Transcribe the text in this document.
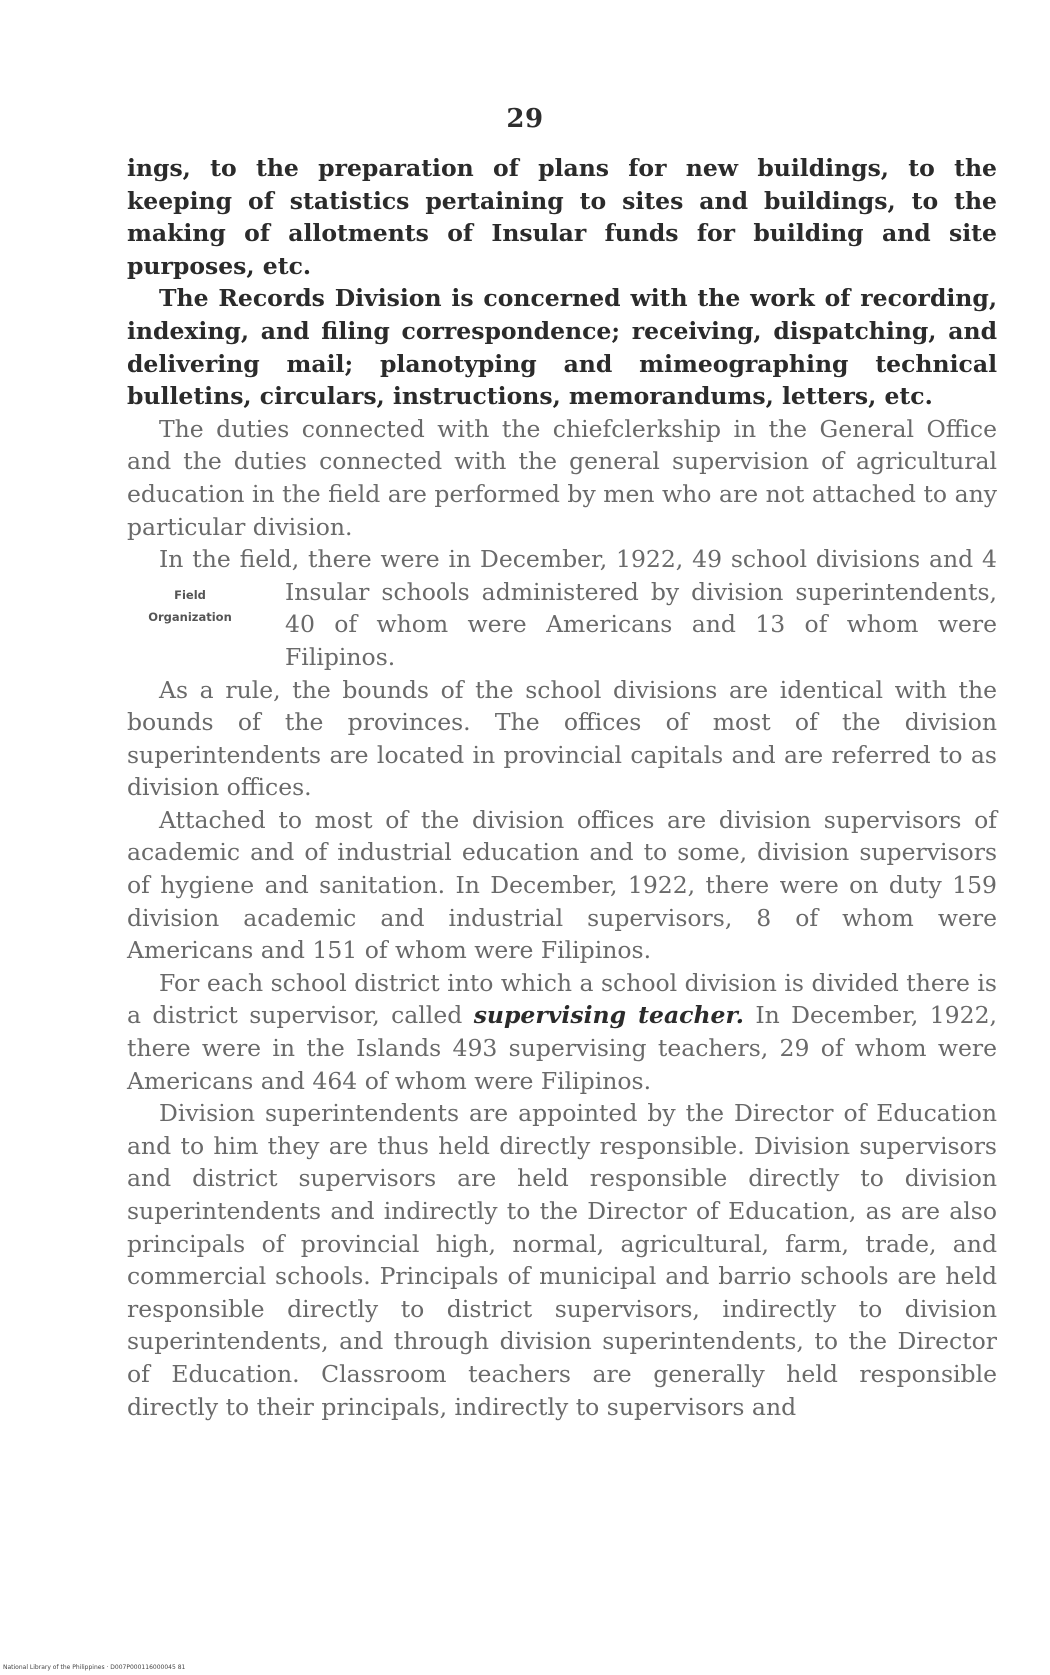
29

ings, to the preparation of plans for new buildings, to the keeping of statistics pertaining to sites and buildings, to the making of allotments of Insular funds for building and site purposes, etc.

The Records Division is concerned with the work of recording, indexing, and filing correspondence; receiving, dispatching, and delivering mail; planotyping and mimeographing technical bulletins, circulars, instructions, memorandums, letters, etc.

The duties connected with the chiefclerkship in the General Office and the duties connected with the general supervision of agricultural education in the field are performed by men who are not attached to any particular division.

In the field, there were in December, 1922, 49 school divisions
Field
Organization
and 4 Insular schools administered by division superintendents, 40 of whom were Americans and 13 of whom were Filipinos.

As a rule, the bounds of the school divisions are identical with the bounds of the provinces. The offices of most of the division superintendents are located in provincial capitals and are referred to as division offices.

Attached to most of the division offices are division supervisors of academic and of industrial education and to some, division supervisors of hygiene and sanitation. In December, 1922, there were on duty 159 division academic and industrial supervisors, 8 of whom were Americans and 151 of whom were Filipinos.

For each school district into which a school division is divided there is a district supervisor, called supervising teacher. In December, 1922, there were in the Islands 493 supervising teachers, 29 of whom were Americans and 464 of whom were Filipinos.

Division superintendents are appointed by the Director of Education and to him they are thus held directly responsible. Division supervisors and district supervisors are held responsible directly to division superintendents and indirectly to the Director of Education, as are also principals of provincial high, normal, agricultural, farm, trade, and commercial schools. Principals of municipal and barrio schools are held responsible directly to district supervisors, indirectly to division superintendents, and through division superintendents, to the Director of Education. Classroom teachers are generally held responsible directly to their principals, indirectly to supervisors and

National Library of the Philippines · D007P000116000045 81
